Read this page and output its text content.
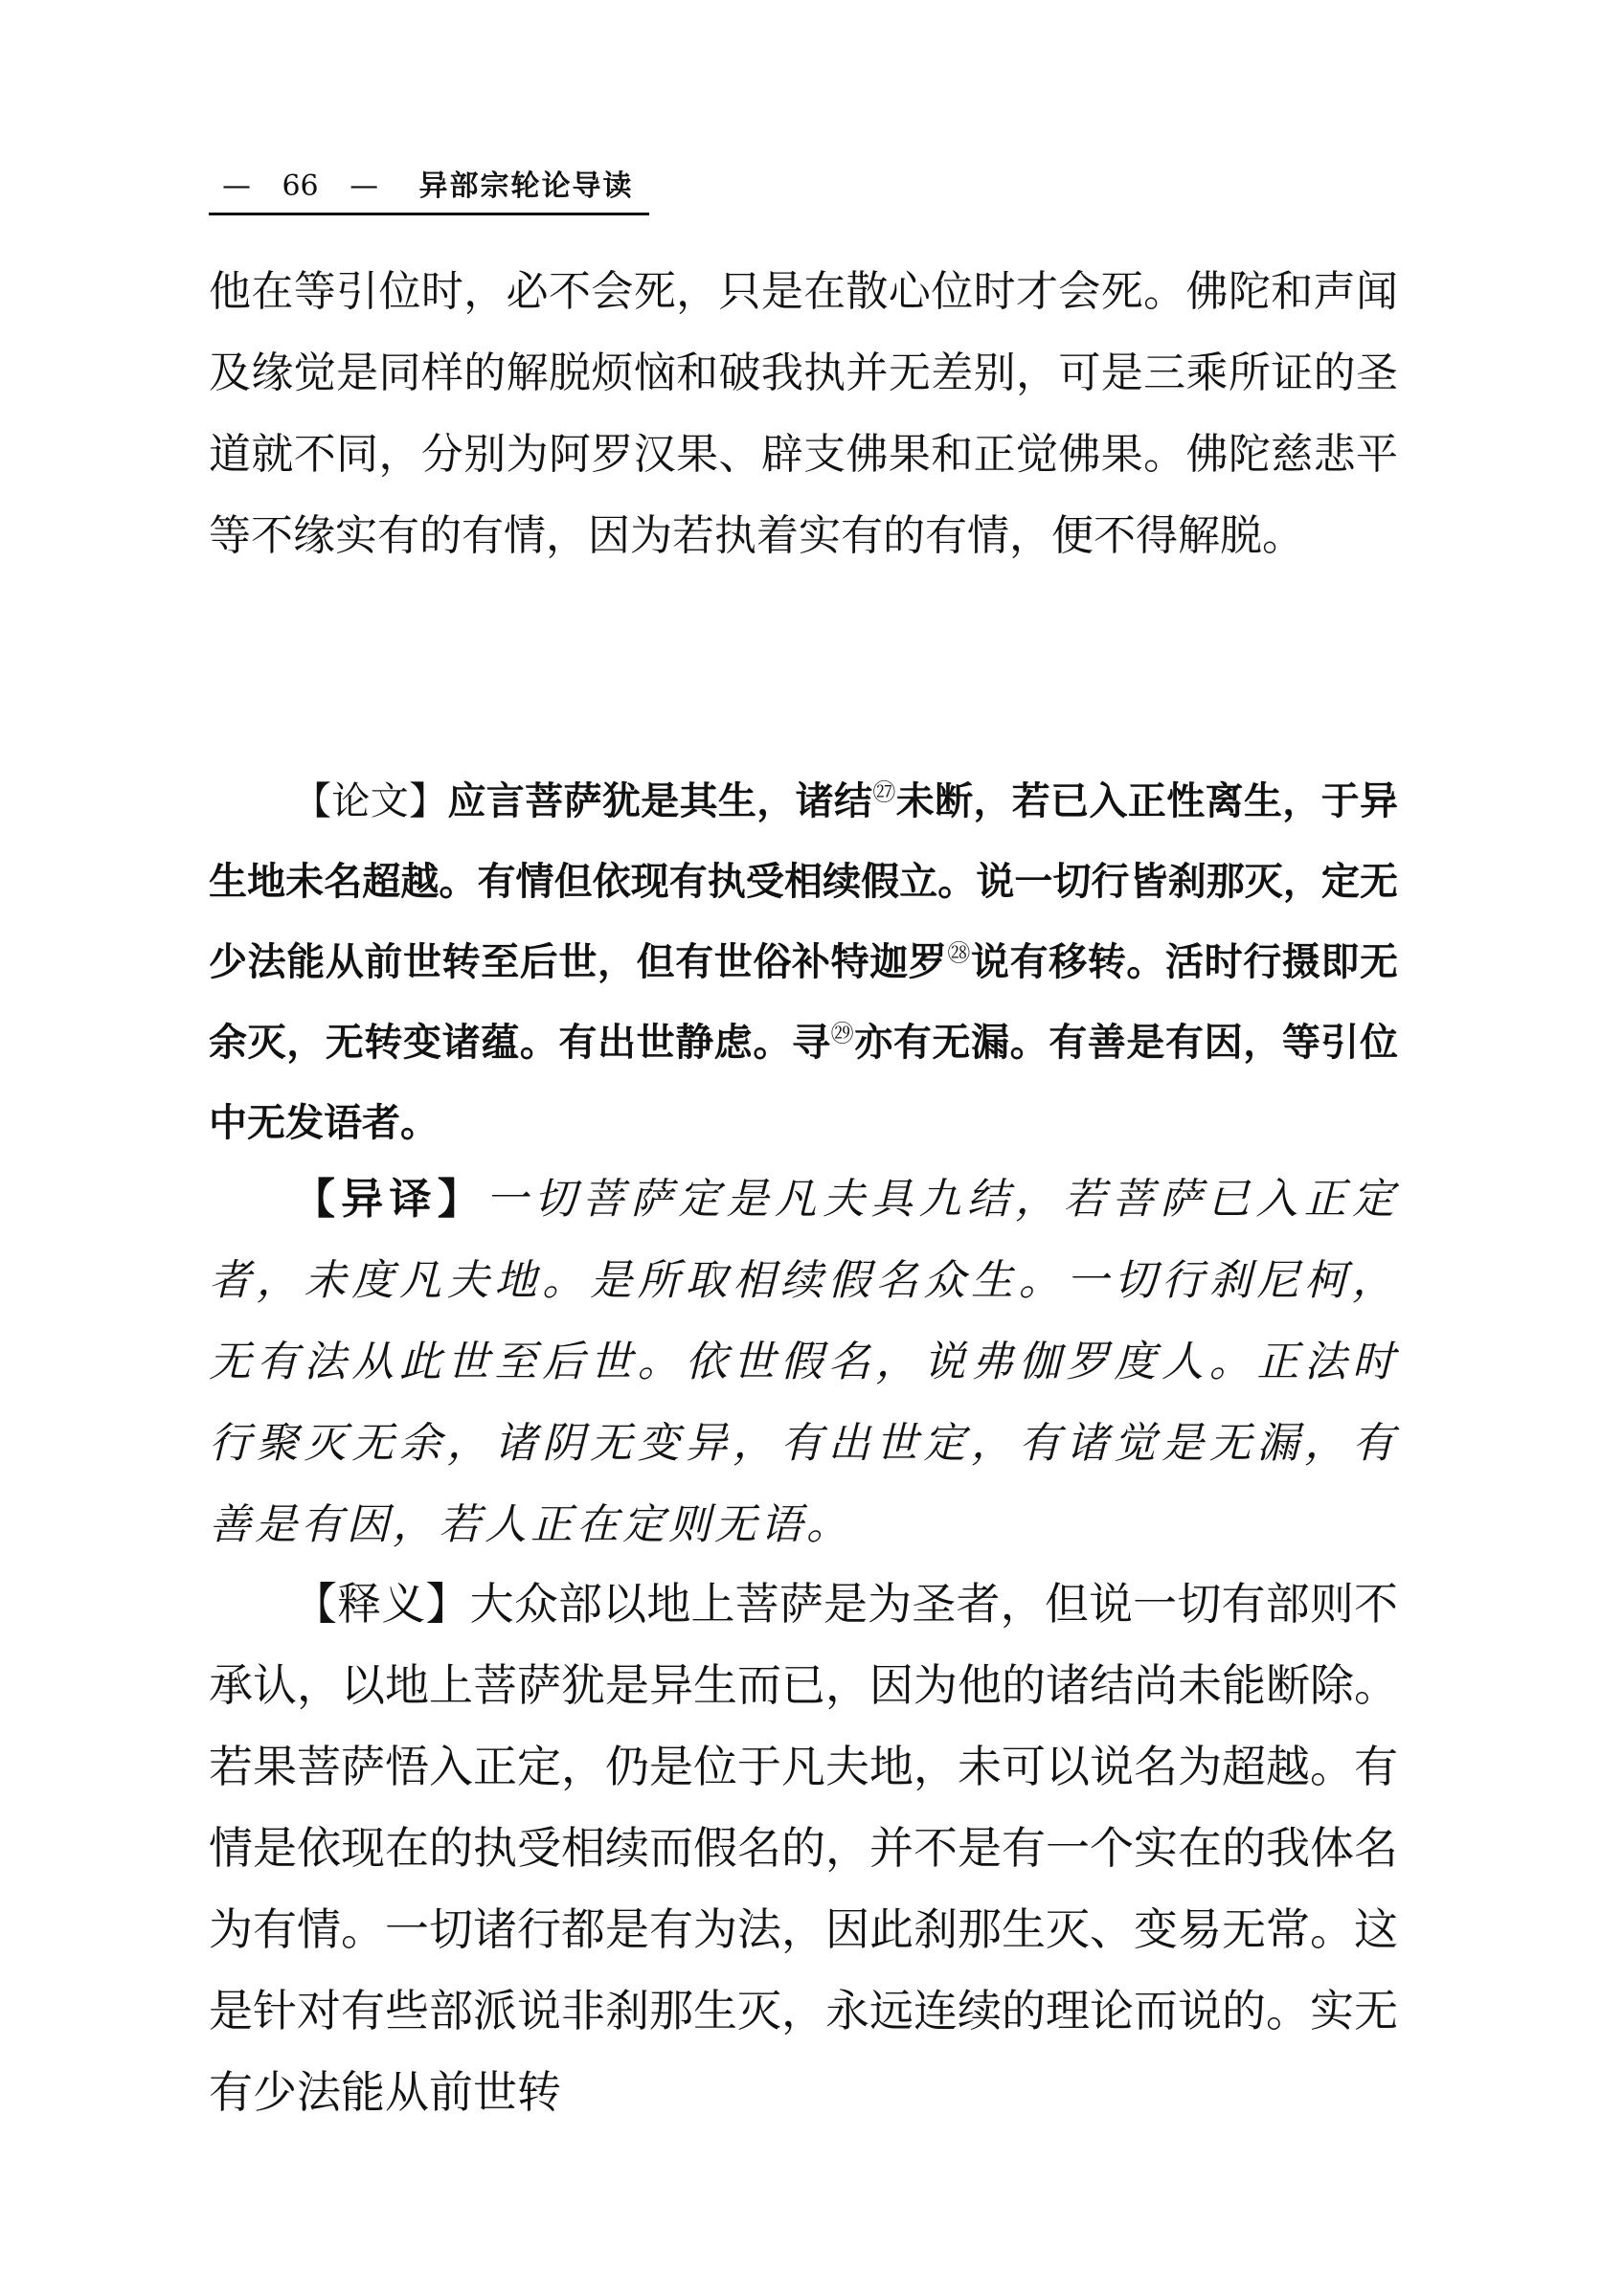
— 66 — 异部宗轮论导读

他在等引位时，必不会死，只是在散心位时才会死。佛陀和声闻及缘觉是同样的解脱烦恼和破我执并无差别，可是三乘所证的圣道就不同，分别为阿罗汉果、辟支佛果和正觉佛果。佛陀慈悲平等不缘实有的有情，因为若执着实有的有情，便不得解脱。

【论文】应言菩萨犹是其生，诸结$^㉗$未断，若已入正性离生，于异生地未名超越。有情但依现有执受相续假立。说一切行皆刹那灭，定无少法能从前世转至后世，但有世俗补特迦罗$^㉘$说有移转。活时行摄即无余灭，无转变诸蕴。有出世静虑。寻$^㉙$亦有无漏。有善是有因，等引位中无发语者。

【异译】一切菩萨定是凡夫具九结，若菩萨已入正定者，未度凡夫地。是所取相续假名众生。一切行刹尼柯，无有法从此世至后世。依世假名，说弗伽罗度人。正法时行聚灭无余，诸阴无变异，有出世定，有诸觉是无漏，有善是有因，若人正在定则无语。

【释义】大众部以地上菩萨是为圣者，但说一切有部则不承认，以地上菩萨犹是异生而已，因为他的诸结尚未能断除。若果菩萨悟入正定，仍是位于凡夫地，未可以说名为超越。有情是依现在的执受相续而假名的，并不是有一个实在的我体名为有情。一切诸行都是有为法，因此刹那生灭、变易无常。这是针对有些部派说非刹那生灭，永远连续的理论而说的。实无有少法能从前世转
